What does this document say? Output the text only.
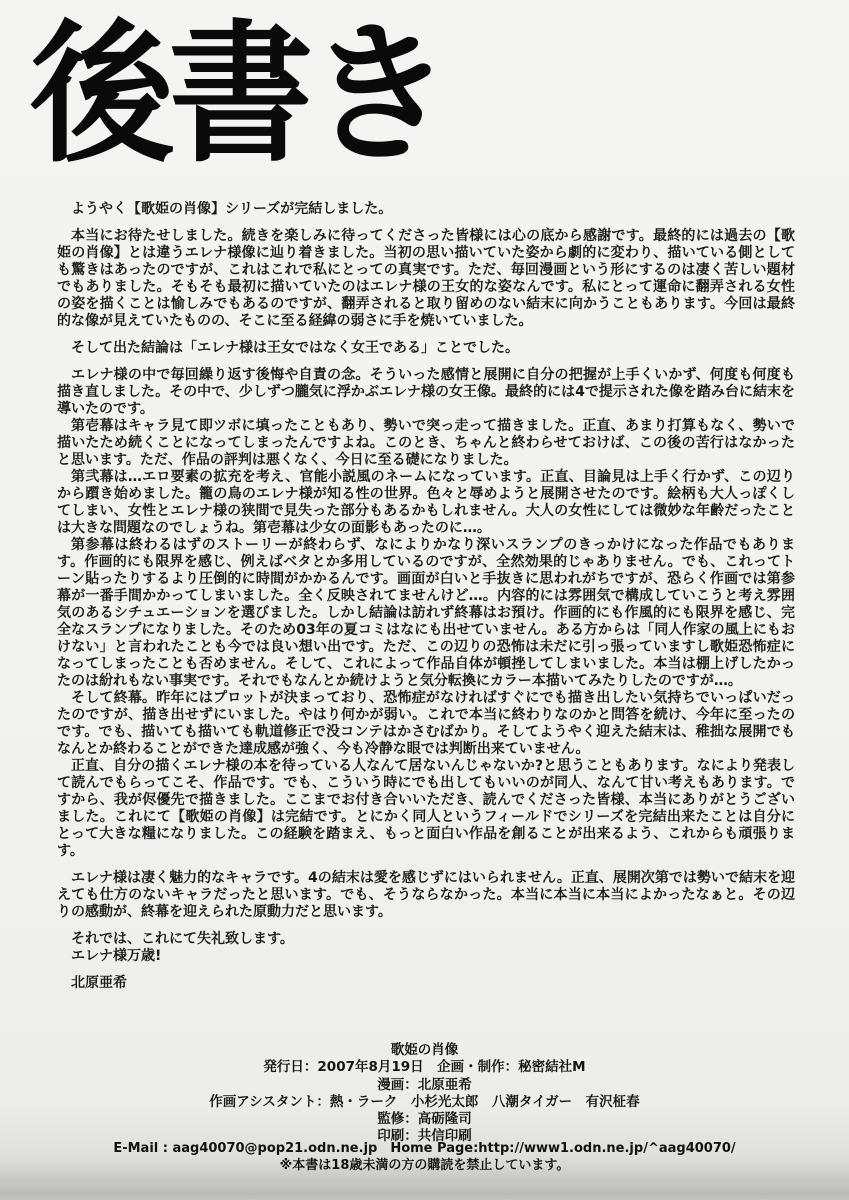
後書き

ようやく【歌姫の肖像】シリーズが完結しました。

本当にお待たせしました。続きを楽しみに待ってくださった皆様には心の底から感謝です。最終的には過去の【歌姫の肖像】とは違うエレナ様像に辿り着きました。当初の思い描いていた姿から劇的に変わり、描いている側としても驚きはあったのですが、これはこれで私にとっての真実です。ただ、毎回漫画という形にするのは凄く苦しい題材でもありました。そもそも最初に描いていたのはエレナ様の王女的な姿なんです。私にとって運命に翻弄される女性の姿を描くことは愉しみでもあるのですが、翻弄されると取り留めのない結末に向かうこともあります。今回は最終的な像が見えていたものの、そこに至る経緯の弱さに手を焼いていました。

そして出た結論は「エレナ様は王女ではなく女王である」ことでした。

エレナ様の中で毎回繰り返す後悔や自責の念。そういった感情と展開に自分の把握が上手くいかず、何度も何度も描き直しました。その中で、少しずつ朧気に浮かぶエレナ様の女王像。最終的には4で提示された像を踏み台に結末を導いたのです。

第壱幕はキャラ見て即ツボに填ったこともあり、勢いで突っ走って描きました。正直、あまり打算もなく、勢いで描いたため続くことになってしまったんですよね。このとき、ちゃんと終わらせておけば、この後の苦行はなかったと思います。ただ、作品の評判は悪くなく、今日に至る礎になりました。

第弐幕は…エロ要素の拡充を考え、官能小説風のネームになっています。正直、目論見は上手く行かず、この辺りから躓き始めました。籠の鳥のエレナ様が知る性の世界。色々と辱めようと展開させたのです。絵柄も大人っぽくしてしまい、女性とエレナ様の狭間で見失った部分もあるかもしれません。大人の女性にしては微妙な年齢だったことは大きな問題なのでしょうね。第壱幕は少女の面影もあったのに…。

第参幕は終わるはずのストーリーが終わらず、なによりかなり深いスランプのきっかけになった作品でもあります。作画的にも限界を感じ、例えばベタとか多用しているのですが、全然効果的じゃありません。でも、これってトーン貼ったりするより圧倒的に時間がかかるんです。画面が白いと手抜きに思われがちですが、恐らく作画では第参幕が一番手間かかってしまいました。全く反映されてませんけど…。内容的には雰囲気で構成していこうと考え雰囲気のあるシチュエーションを選びました。しかし結論は訪れず終幕はお預け。作画的にも作風的にも限界を感じ、完全なスランプになりました。そのため03年の夏コミはなにも出せていません。ある方からは「同人作家の風上にもおけない」と言われたことも今では良い想い出です。ただ、この辺りの恐怖は未だに引っ張っていますし歌姫恐怖症になってしまったことも否めません。そして、これによって作品自体が頓挫してしまいました。本当は棚上げしたかったのは紛れもない事実です。それでもなんとか続けようと気分転換にカラー本描いてみたりしたのですが…。

そして終幕。昨年にはプロットが決まっており、恐怖症がなければすぐにでも描き出したい気持ちでいっぱいだったのですが、描き出せずにいました。やはり何かが弱い。これで本当に終わりなのかと問答を続け、今年に至ったのです。でも、描いても描いても軌道修正で没コンテはかさむばかり。そしてようやく迎えた結末は、稚拙な展開でもなんとか終わることができた達成感が強く、今も冷静な眼では判断出来ていません。

正直、自分の描くエレナ様の本を待っている人なんて居ないんじゃないか?と思うこともあります。なにより発表して読んでもらってこそ、作品です。でも、こういう時にでも出してもいいのが同人、なんて甘い考えもあります。ですから、我が侭優先で描きました。ここまでお付き合いいただき、読んでくださった皆様、本当にありがとうございました。これにて【歌姫の肖像】は完結です。とにかく同人というフィールドでシリーズを完結出来たことは自分にとって大きな糧になりました。この経験を踏まえ、もっと面白い作品を創ることが出来るよう、これからも頑張ります。

エレナ様は凄く魅力的なキャラです。4の結末は愛を感じずにはいられません。正直、展開次第では勢いで結末を迎えても仕方のないキャラだったと思います。でも、そうならなかった。本当に本当に本当によかったなぁと。その辺りの感動が、終幕を迎えられた原動力だと思います。

それでは、これにて失礼致します。

エレナ様万歳!

北原亜希

歌姫の肖像

発行日：2007年8月19日　企画・制作：秘密結社M

漫画：北原亜希

作画アシスタント：熱・ラーク　小杉光太郎　八潮タイガー　有沢柾春

監修：高砺隆司

印刷：共信印刷

E-Mail : aag40070@pop21.odn.ne.jp　Home Page:http://www1.odn.ne.jp/^aag40070/

※本書は18歳未満の方の購読を禁止しています。
